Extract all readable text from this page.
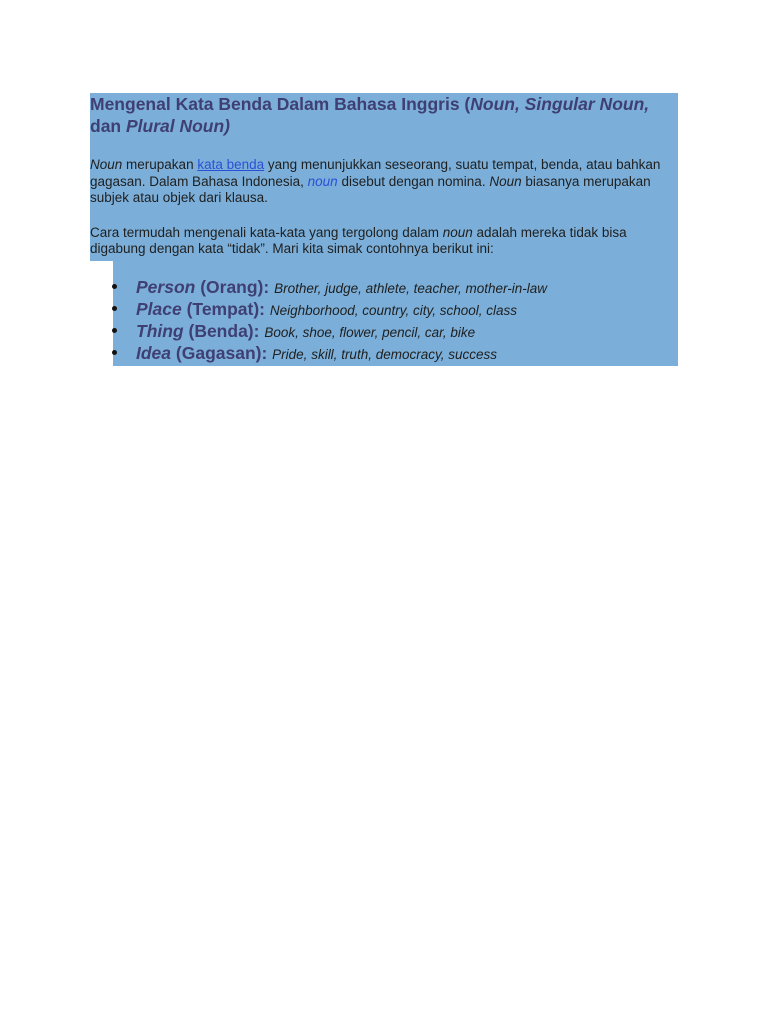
Mengenal Kata Benda Dalam Bahasa Inggris (Noun, Singular Noun, dan Plural Noun)

Noun merupakan kata benda yang menunjukkan seseorang, suatu tempat, benda, atau bahkan gagasan. Dalam Bahasa Indonesia, noun disebut dengan nomina. Noun biasanya merupakan subjek atau objek dari klausa.

Cara termudah mengenali kata-kata yang tergolong dalam noun adalah mereka tidak bisa digabung dengan kata “tidak”. Mari kita simak contohnya berikut ini:

Person (Orang): Brother, judge, athlete, teacher, mother-in-law
Place (Tempat): Neighborhood, country, city, school, class
Thing (Benda): Book, shoe, flower, pencil, car, bike
Idea (Gagasan): Pride, skill, truth, democracy, success
